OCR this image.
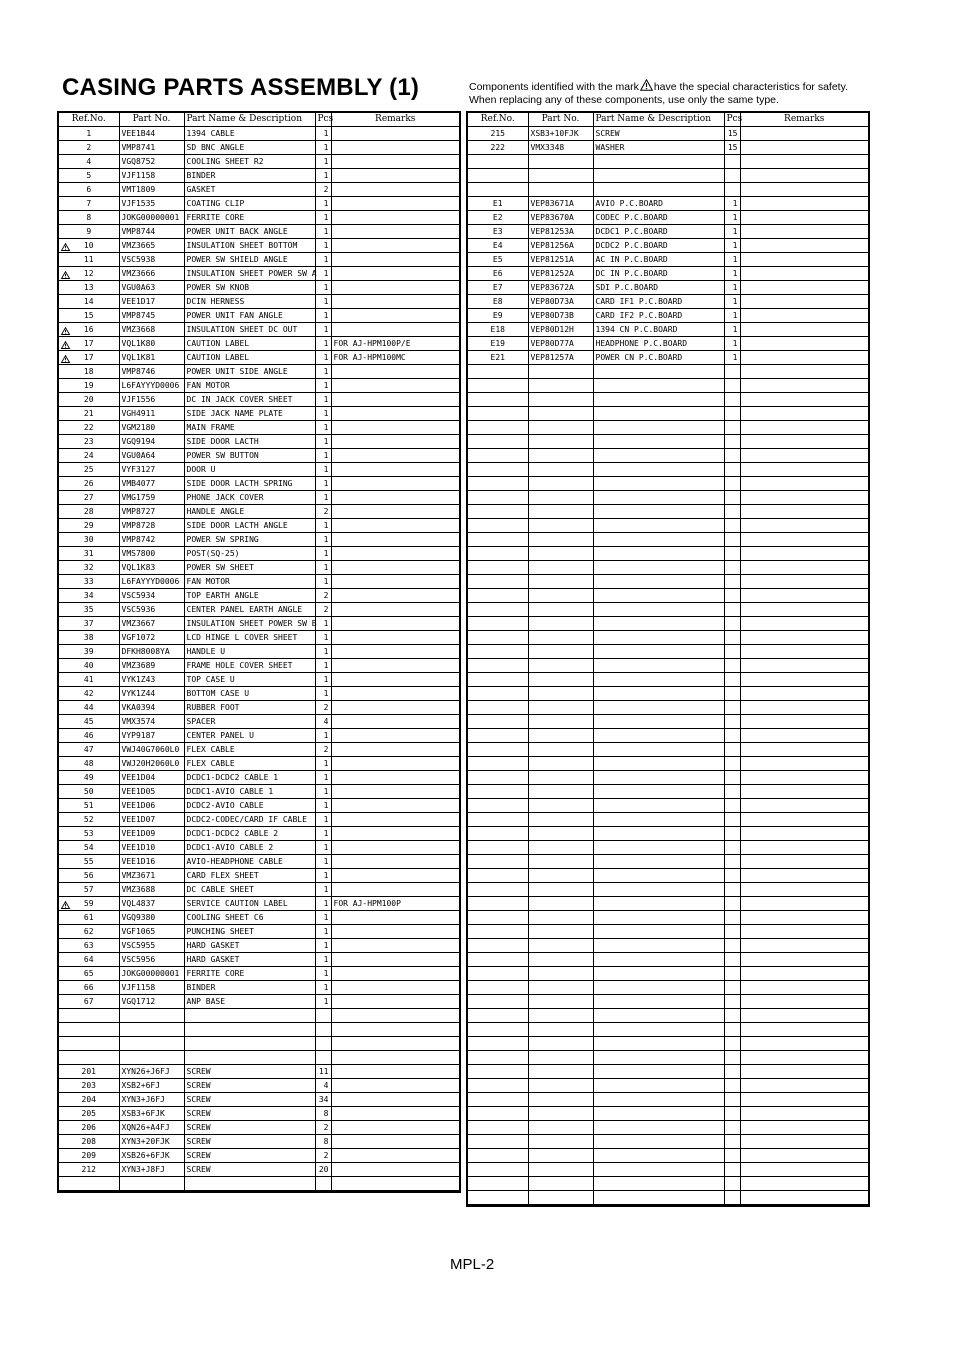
CASING PARTS ASSEMBLY (1)	Components identified with the mark have the special characteristics for safety.
When replacing any of these components, use only the same type.
Ref.No.	Part No.	Part Name & Description	Pcs	Remarks
1	VEE1B44	1394 CABLE	1	
2	VMP8741	SD BNC ANGLE	1	
4	VGQ8752	COOLING SHEET R2	1	
5	VJF1158	BINDER	1	
6	VMT1809	GASKET	2	
7	VJF1535	COATING CLIP	1	
8	JOKG00000001	FERRITE CORE	1	
9	VMP8744	POWER UNIT BACK ANGLE	1	

10	VMZ3665	INSULATION SHEET BOTTOM	1	
11	VSC5938	POWER SW SHIELD ANGLE	1	

12	VMZ3666	INSULATION SHEET POWER SW A	1	
13	VGU0A63	POWER SW KNOB	1	
14	VEE1D17	DCIN HERNESS	1	
15	VMP8745	POWER UNIT FAN ANGLE	1	

16	VMZ3668	INSULATION SHEET DC OUT	1	

17	VQL1K80	CAUTION LABEL	1	FOR AJ-HPM100P/E

17	VQL1K81	CAUTION LABEL	1	FOR AJ-HPM100MC
18	VMP8746	POWER UNIT SIDE ANGLE	1	
19	L6FAYYYD0006	FAN MOTOR	1	
20	VJF1556	DC IN JACK COVER SHEET	1	
21	VGH4911	SIDE JACK NAME PLATE	1	
22	VGM2180	MAIN FRAME	1	
23	VGQ9194	SIDE DOOR LACTH	1	
24	VGU0A64	POWER SW BUTTON	1	
25	VYF3127	DOOR U	1	
26	VMB4077	SIDE DOOR LACTH SPRING	1	
27	VMG1759	PHONE JACK COVER	1	
28	VMP8727	HANDLE ANGLE	2	
29	VMP8728	SIDE DOOR LACTH ANGLE	1	
30	VMP8742	POWER SW SPRING	1	
31	VMS7800	POST(SQ-25)	1	
32	VQL1K83	POWER SW SHEET	1	
33	L6FAYYYD0006	FAN MOTOR	1	
34	VSC5934	TOP EARTH ANGLE	2	
35	VSC5936	CENTER PANEL EARTH ANGLE	2	
37	VMZ3667	INSULATION SHEET POWER SW B	1	
38	VGF1072	LCD HINGE L COVER SHEET	1	
39	DFKH8008YA	HANDLE U	1	
40	VMZ3689	FRAME HOLE COVER SHEET	1	
41	VYK1Z43	TOP CASE U	1	
42	VYK1Z44	BOTTOM CASE U	1	
44	VKA0394	RUBBER FOOT	2	
45	VMX3574	SPACER	4	
46	VYP9187	CENTER PANEL U	1	
47	VWJ40G7060L0	FLEX CABLE	2	
48	VWJ20H2060L0	FLEX CABLE	1	
49	VEE1D04	DCDC1-DCDC2 CABLE 1	1	
50	VEE1D05	DCDC1-AVIO CABLE 1	1	
51	VEE1D06	DCDC2-AVIO CABLE	1	
52	VEE1D07	DCDC2-CODEC/CARD IF CABLE	1	
53	VEE1D09	DCDC1-DCDC2 CABLE 2	1	
54	VEE1D10	DCDC1-AVIO CABLE 2	1	
55	VEE1D16	AVIO-HEADPHONE CABLE	1	
56	VMZ3671	CARD FLEX SHEET	1	
57	VMZ3688	DC CABLE SHEET	1	

59	VQL4837	SERVICE CAUTION LABEL	1	FOR AJ-HPM100P
61	VGQ9380	COOLING SHEET C6	1	
62	VGF1065	PUNCHING SHEET	1	
63	VSC5955	HARD GASKET	1	
64	VSC5956	HARD GASKET	1	
65	JOKG00000001	FERRITE CORE	1	
66	VJF1158	BINDER	1	
67	VGQ1712	ANP BASE	1	

201	XYN26+J6FJ	SCREW	11	
203	XSB2+6FJ	SCREW	4	
204	XYN3+J6FJ	SCREW	34	
205	XSB3+6FJK	SCREW	8	
206	XQN26+A4FJ	SCREW	2	
208	XYN3+20FJK	SCREW	8	
209	XSB26+6FJK	SCREW	2	
212	XYN3+J8FJ	SCREW	20	

Ref.No.	Part No.	Part Name & Description	Pcs	Remarks
215	XSB3+10FJK	SCREW	15	
222	VMX3348	WASHER	15	

E1	VEP83671A	AVIO P.C.BOARD	1	
E2	VEP83670A	CODEC P.C.BOARD	1	
E3	VEP81253A	DCDC1 P.C.BOARD	1	
E4	VEP81256A	DCDC2 P.C.BOARD	1	
E5	VEP81251A	AC IN P.C.BOARD	1	
E6	VEP81252A	DC IN P.C.BOARD	1	
E7	VEP83672A	SDI P.C.BOARD	1	
E8	VEP80D73A	CARD IF1 P.C.BOARD	1	
E9	VEP80D73B	CARD IF2 P.C.BOARD	1	
E18	VEP80D12H	1394 CN P.C.BOARD	1	
E19	VEP80D77A	HEADPHONE P.C.BOARD	1	
E21	VEP81257A	POWER CN P.C.BOARD	1	

MPL-2
